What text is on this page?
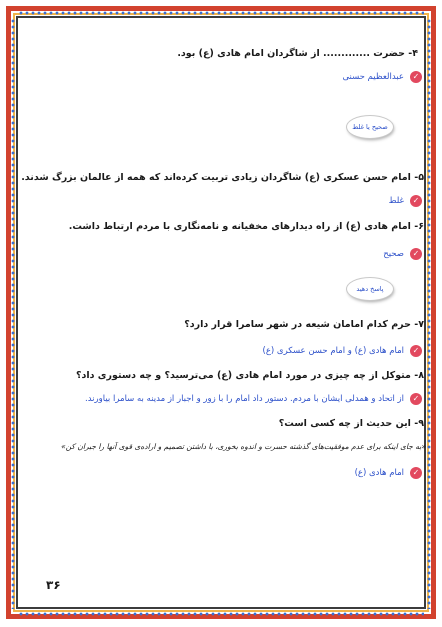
۴- حضرت ............. از شاگردان امام هادی (ع) بود.
✓
عبدالعظیم حسنی
۵- امام حسن عسکری (ع) شاگردان زیادی تربیت کرده‌اند که همه از عالمان بزرگ شدند.
✓
غلط
۶- امام هادی (ع) از راه دیدارهای مخفیانه و نامه‌نگاری با مردم ارتباط داشت.
✓
صحیح
۷- حرم کدام امامان شیعه در شهر سامرا قرار دارد؟
✓
امام هادی (ع) و امام حسن عسکری (ع)
۸- متوکل از چه چیزی در مورد امام هادی (ع) می‌ترسید؟ و چه دستوری داد؟
✓
از اتحاد و همدلی ایشان با مردم. دستور داد امام را با زور و اجبار از مدینه به سامرا بیاورند.
۹- این حدیث از چه کسی است؟
«به جای اینکه برای عدم موفقیت‌های گذشته حسرت و اندوه بخوری، با داشتن تصمیم و اراده‌ی قوی آنها را جبران کن»
✓
امام هادی (ع)
صحیح یا غلط
پاسخ دهید
۳۶
